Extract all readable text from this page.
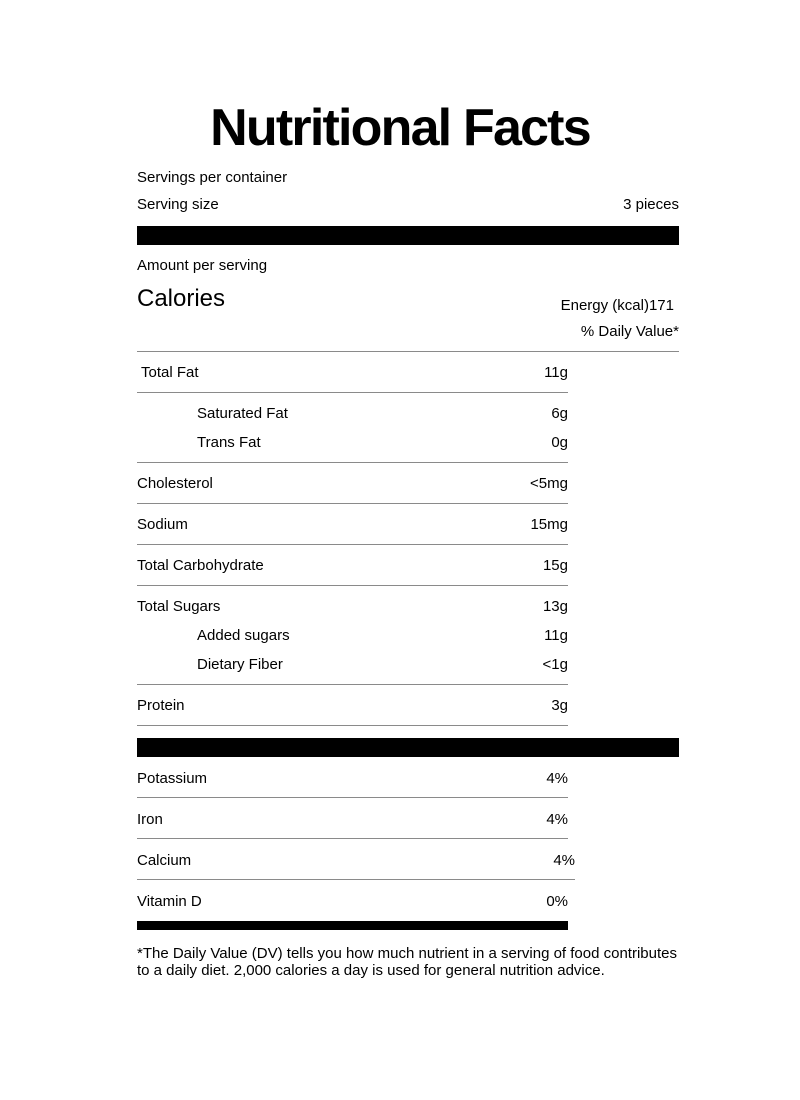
Nutritional Facts
Servings per container
Serving size	3 pieces
Amount per serving
Calories	Energy (kcal)171
% Daily Value*
Total Fat	11g
Saturated Fat	6g
Trans Fat	0g
Cholesterol	<5mg
Sodium	15mg
Total Carbohydrate	15g
Total Sugars	13g
Added sugars	11g
Dietary Fiber	<1g
Protein	3g
Potassium	4%
Iron	4%
Calcium	4%
Vitamin D	0%
*The Daily Value (DV) tells you how much nutrient in a serving of food contributes to a daily diet. 2,000 calories a day is used for general nutrition advice.
